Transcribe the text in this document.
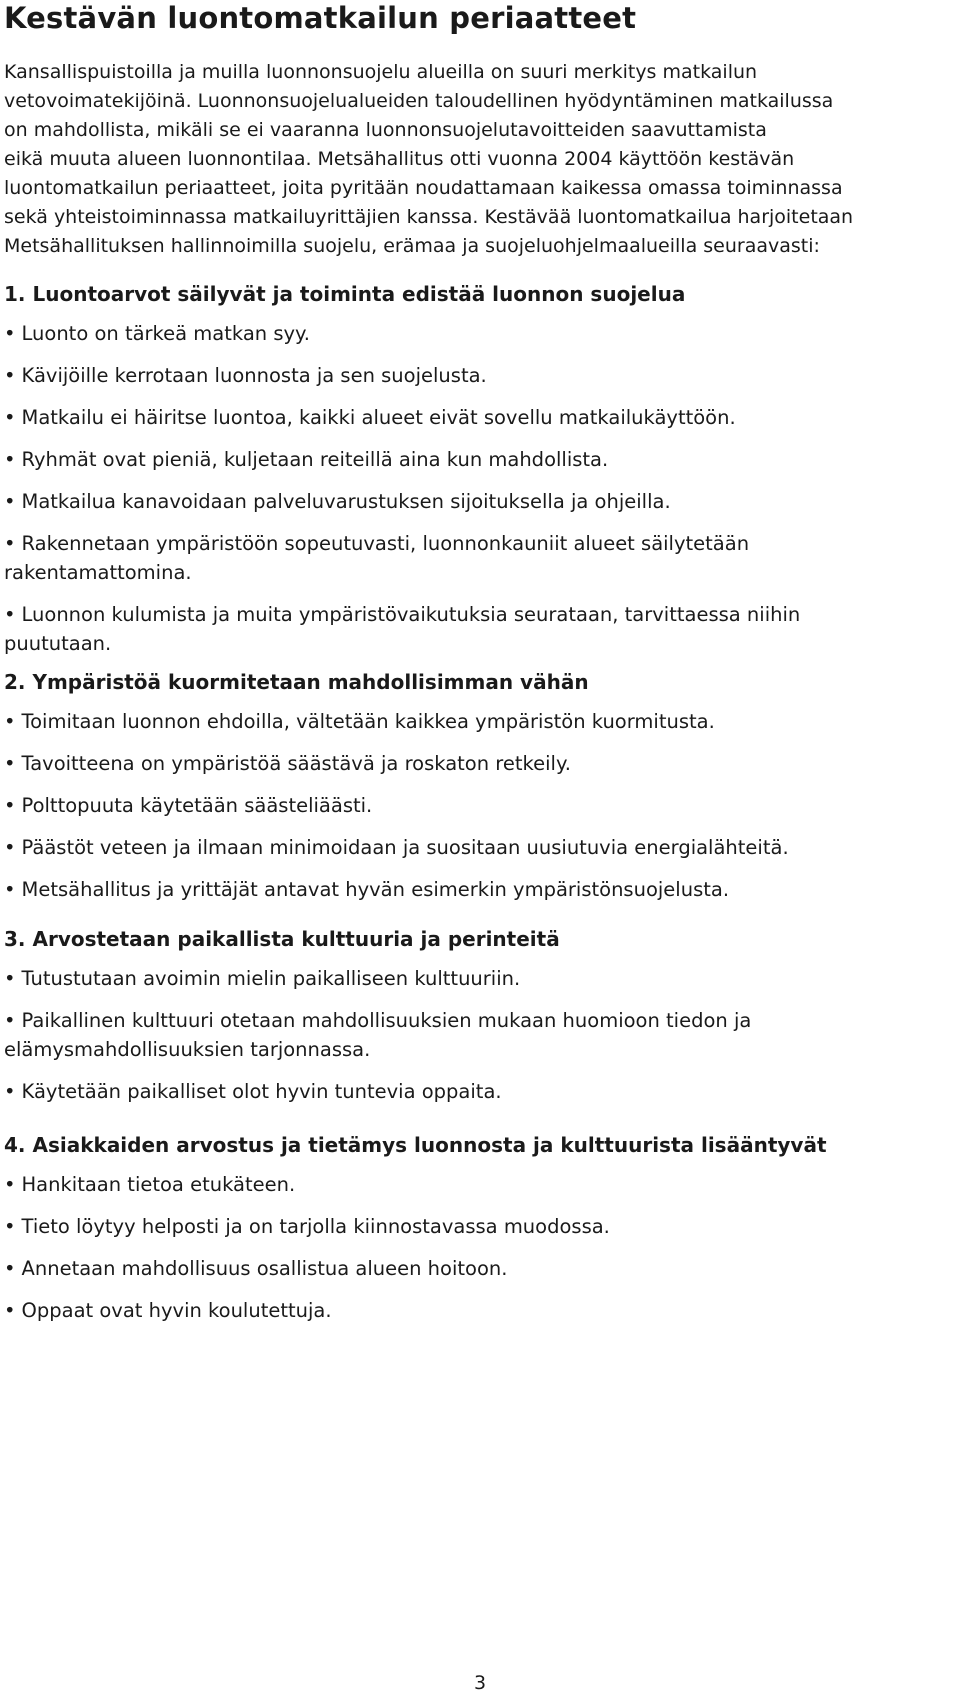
Kestävän luontomatkailun periaatteet

Kansallispuistoilla ja muilla luonnonsuojelu alueilla on suuri merkitys matkailun
vetovoimatekijöinä. Luonnonsuojelualueiden taloudellinen hyödyntäminen matkailussa
on mahdollista, mikäli se ei vaaranna luonnonsuojelutavoitteiden saavuttamista
eikä muuta alueen luonnontilaa. Metsähallitus otti vuonna 2004 käyttöön kestävän
luontomatkailun periaatteet, joita pyritään noudattamaan kaikessa omassa toiminnassa
sekä yhteistoiminnassa matkailuyrittäjien kanssa. Kestävää luontomatkailua harjoitetaan
Metsähallituksen hallinnoimilla suojelu, erämaa ja suojeluohjelmaalueilla seuraavasti:

1. Luontoarvot säilyvät ja toiminta edistää luonnon suojelua
• Luonto on tärkeä matkan syy.
• Kävijöille kerrotaan luonnosta ja sen suojelusta.
• Matkailu ei häiritse luontoa, kaikki alueet eivät sovellu matkailukäyttöön.
• Ryhmät ovat pieniä, kuljetaan reiteillä aina kun mahdollista.
• Matkailua kanavoidaan palveluvarustuksen sijoituksella ja ohjeilla.
• Rakennetaan ympäristöön sopeutuvasti, luonnonkauniit alueet säilytetään
rakentamattomina.
• Luonnon kulumista ja muita ympäristövaikutuksia seurataan, tarvittaessa niihin
puututaan.
2. Ympäristöä kuormitetaan mahdollisimman vähän
• Toimitaan luonnon ehdoilla, vältetään kaikkea ympäristön kuormitusta.
• Tavoitteena on ympäristöä säästävä ja roskaton retkeily.
• Polttopuuta käytetään säästeliäästi.
• Päästöt veteen ja ilmaan minimoidaan ja suositaan uusiutuvia energialähteitä.
• Metsähallitus ja yrittäjät antavat hyvän esimerkin ympäristönsuojelusta.
3. Arvostetaan paikallista kulttuuria ja perinteitä
• Tutustutaan avoimin mielin paikalliseen kulttuuriin.
• Paikallinen kulttuuri otetaan mahdollisuuksien mukaan huomioon tiedon ja
elämysmahdollisuuksien tarjonnassa.
• Käytetään paikalliset olot hyvin tuntevia oppaita.
4. Asiakkaiden arvostus ja tietämys luonnosta ja kulttuurista lisääntyvät
• Hankitaan tietoa etukäteen.
• Tieto löytyy helposti ja on tarjolla kiinnostavassa muodossa.
• Annetaan mahdollisuus osallistua alueen hoitoon.
• Oppaat ovat hyvin koulutettuja.
3
